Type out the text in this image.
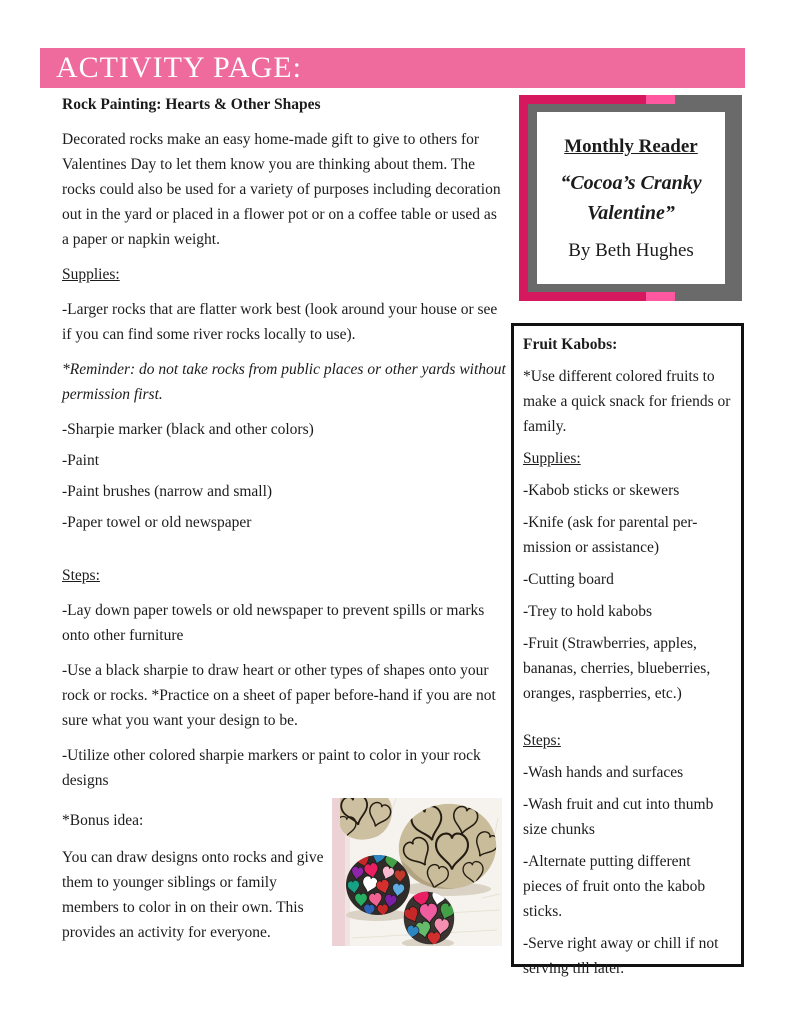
ACTIVITY PAGE:

Rock Painting: Hearts & Other Shapes

Decorated rocks make an easy home-made gift to give to others for Valentines Day to let them know you are thinking about them. The rocks could also be used for a variety of purposes including decoration out in the yard or placed in a flower pot or on a coffee table or used as a paper or napkin weight.

Supplies:

-Larger rocks that are flatter work best (look around your house or see if you can find some river rocks locally to use).

*Reminder: do not take rocks from public places or other yards without permission first.

-Sharpie marker (black and other colors)

-Paint

-Paint brushes (narrow and small)

-Paper towel or old newspaper

Steps:

-Lay down paper towels or old newspaper to prevent spills or marks onto other furniture

-Use a black sharpie to draw heart or other types of shapes onto your rock or rocks. *Practice on a sheet of paper before-hand if you are not sure what you want your design to be.

-Utilize other colored sharpie markers or paint to color in your rock designs

*Bonus idea:

You can draw designs onto rocks and give them to younger siblings or family members to color in on their own. This provides an activity for everyone.

Monthly Reader

“Cocoa’s Cranky Valentine”

By Beth Hughes

Fruit Kabobs:

*Use different colored fruits to make a quick snack for friends or family.

Supplies:

-Kabob sticks or skewers

-Knife (ask for parental per-mission or assistance)

-Cutting board

-Trey to hold kabobs

-Fruit (Strawberries, apples, bananas, cherries, blueberries, oranges, raspberries, etc.)

Steps:

-Wash hands and surfaces

-Wash fruit and cut into thumb size chunks

-Alternate putting different pieces of fruit onto the kabob sticks.

-Serve right away or chill if not serving till later.
